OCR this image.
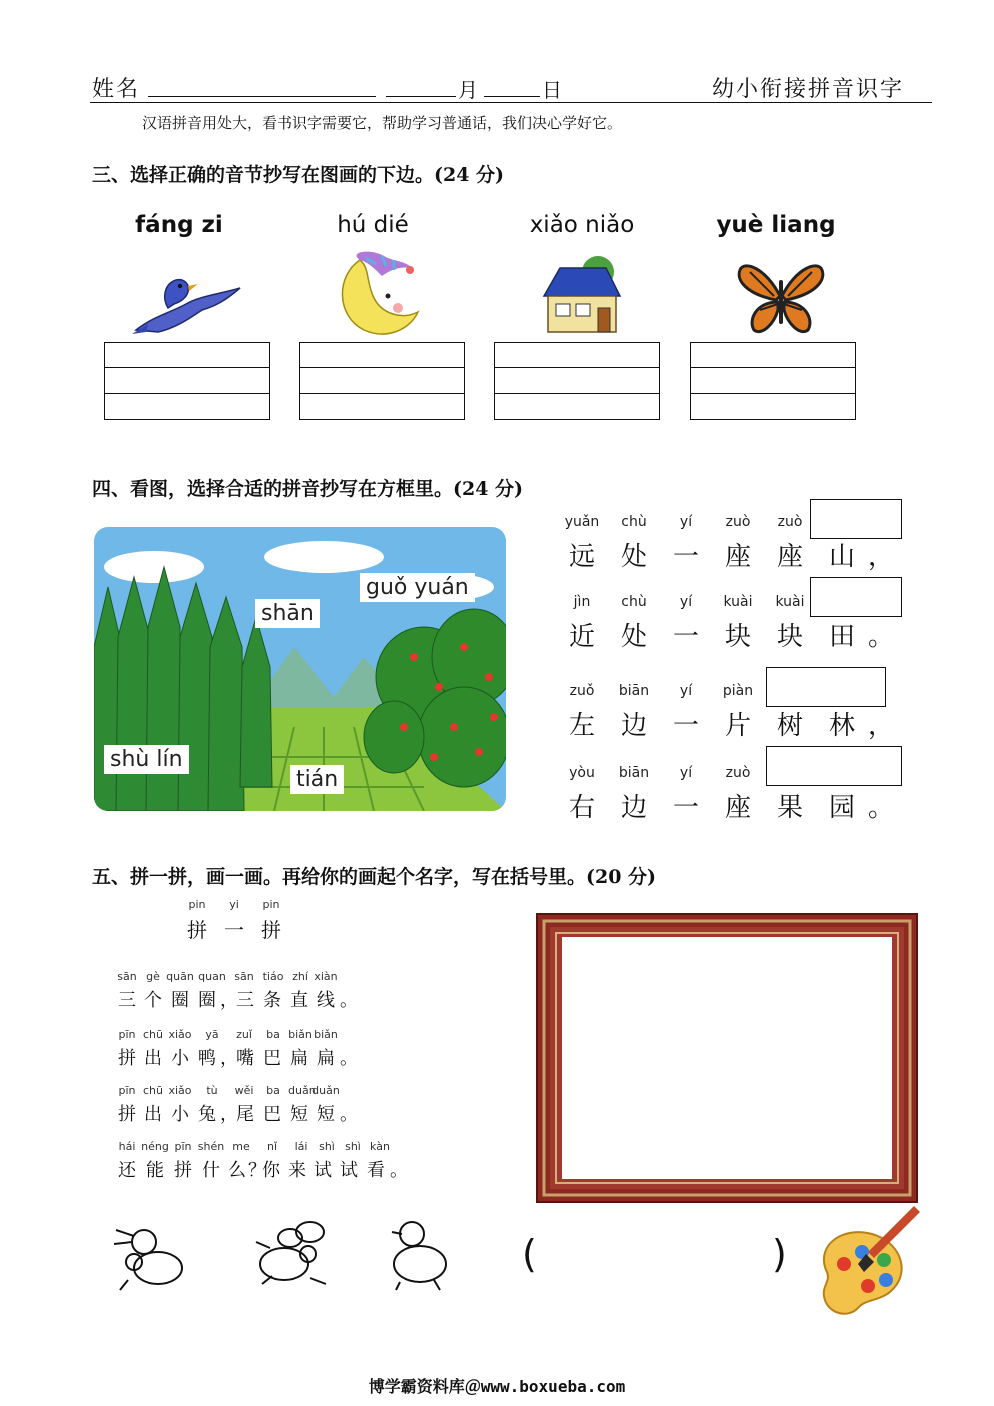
姓名	月	日	幼小衔接拼音识字
汉语拼音用处大，看书识字需要它，帮助学习普通话，我们决心学好它。
三、选择正确的音节抄写在图画的下边。(24 分)
fáng zi	hú dié	xiǎo niǎo	yuè liang
四、看图，选择合适的拼音抄写在方框里。(24 分)
shān
guǒ yuán
shù lín
tián
yuǎn	chù	yí	zuò	zuò
远 处 一 座 座 山 ，
jìn	chù	yí	kuài	kuài
近 处 一 块 块 田 。
zuǒ	biān	yí	piàn
左 边 一 片 树 林 ，
yòu	biān	yí	zuò
右 边 一 座 果 园 。
五、拼一拼，画一画。再给你的画起个名字，写在括号里。(20 分)
pin	yi	pin
拼 一 拼
sān gè quān quan sān tiáo zhí xiàn
三 个 圈 圈 ，
三 条 直 线 。
pīn chū xiǎo	yā	zuǐ	ba biǎn biǎn
拼 出 小 鸭 ，
嘴 巴 扁 扁 。
pīn chū xiǎo	tù	wěi	ba duǎn
duǎn
拼 出 小 兔 ，
尾 巴 短 短 。
hái néng pīn shén me	nǐ	lái	shì shì kàn
还 能 拼 什 么 ？
你 来 试 试 看 。
(	)
博学霸资料库＠www.boxueba.com
